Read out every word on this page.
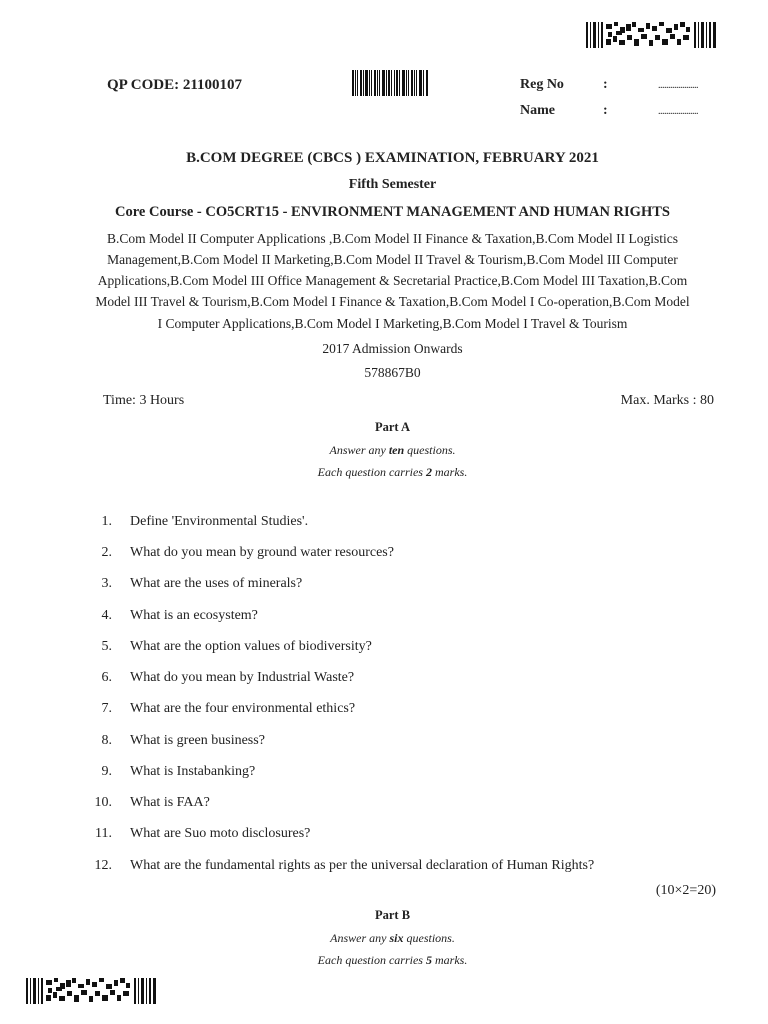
QP CODE: 21100107	Reg No	:	....................
Name	:	....................
B.COM DEGREE (CBCS ) EXAMINATION, FEBRUARY 2021
Fifth Semester
Core Course - CO5CRT15 - ENVIRONMENT MANAGEMENT AND HUMAN RIGHTS
B.Com Model II Computer Applications ,B.Com Model II Finance & Taxation,B.Com Model II Logistics
Management,B.Com Model II Marketing,B.Com Model II Travel & Tourism,B.Com Model III Computer
Applications,B.Com Model III Office Management & Secretarial Practice,B.Com Model III Taxation,B.Com
Model III Travel & Tourism,B.Com Model I Finance & Taxation,B.Com Model I Co-operation,B.Com Model
I Computer Applications,B.Com Model I Marketing,B.Com Model I Travel & Tourism
2017 Admission Onwards
578867B0
Time: 3 Hours	Max. Marks : 80
Part A
Answer any ten questions.
Each question carries 2 marks.
1. Define 'Environmental Studies'.
2. What do you mean by ground water resources?
3. What are the uses of minerals?
4. What is an ecosystem?
5. What are the option values of biodiversity?
6. What do you mean by Industrial Waste?
7. What are the four environmental ethics?
8. What is green business?
9. What is Instabanking?
10. What is FAA?
11. What are Suo moto disclosures?
12. What are the fundamental rights as per the universal declaration of Human Rights?
(10×2=20)
Part B
Answer any six questions.
Each question carries 5 marks.
